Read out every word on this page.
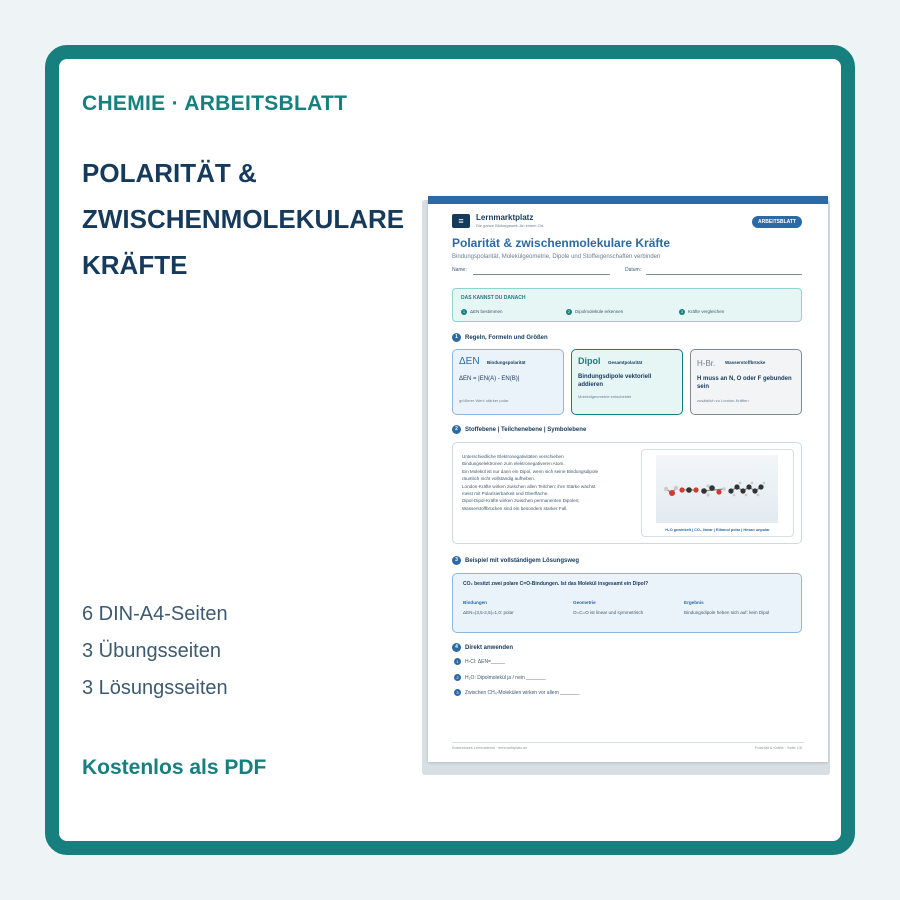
CHEMIE · ARBEITSBLATT
POLARITÄT &
ZWISCHENMOLEKULARE
KRÄFTE
6 DIN-A4-Seiten
3 Übungsseiten
3 Lösungsseiten
Kostenlos als PDF
≡	Lernmarktplatz
Die ganze Bildungswelt. An einem Ort.
ARBEITSBLATT
Polarität & zwischenmolekulare Kräfte
Bindungspolarität, Molekülgeometrie, Dipole und Stoffeigenschaften verbinden
Name:	Datum:
DAS KANNST DU DANACH
1 ΔEN bestimmen	2 Dipolmoleküle erkennen	3 Kräfte vergleichen
1 Regeln, Formeln und Größen
ΔEN Bindungspolarität
ΔEN = |EN(A) - EN(B)|
größerer Wert: stärker polar
Dipol Gesamtpolarität
Bindungsdipole vektoriell addieren
Molekülgeometrie entscheidet
H-Br. Wasserstoffbrücke
H muss an N, O oder F gebunden sein
zusätzlich zu London-Kräften
2 Stoffebene | Teilchenebene | Symbolebene
Unterschiedliche Elektronegativitäten verschieben
Bindungselektronen zum elektronegativeren Atom.
Ein Molekül ist nur dann ein Dipol, wenn sich seine Bindungsdipole
räumlich nicht vollständig aufheben.
London-Kräfte wirken zwischen allen Teilchen; ihre Stärke wächst
meist mit Polarisierbarkeit und Oberfläche.
Dipol-Dipol-Kräfte wirken zwischen permanenten Dipolen;
Wasserstoffbrücken sind ein besonders starker Fall.
H₂O gewinkelt | CO₂ linear | Ethanol polar | Hexan unpolar
3 Beispiel mit vollständigem Lösungsweg
CO₂ besitzt zwei polare C=O-Bindungen. Ist das Molekül insgesamt ein Dipol?
Bindungen
ΔEN=|3,5-2,5|=1,0: polar
Geometrie
O=C=O ist linear und symmetrisch
Ergebnis
Bindungsdipole heben sich auf: kein Dipol
4 Direkt anwenden
1 H-Cl: ΔEN=_____
2 H₂O: Dipolmolekül ja / nein _______
3 Zwischen CH₄-Molekülen wirken vor allem _______
Kostenloses Lernmaterial · lernmarktplatz.de	Polarität & Kräfte · Seite 1/6
